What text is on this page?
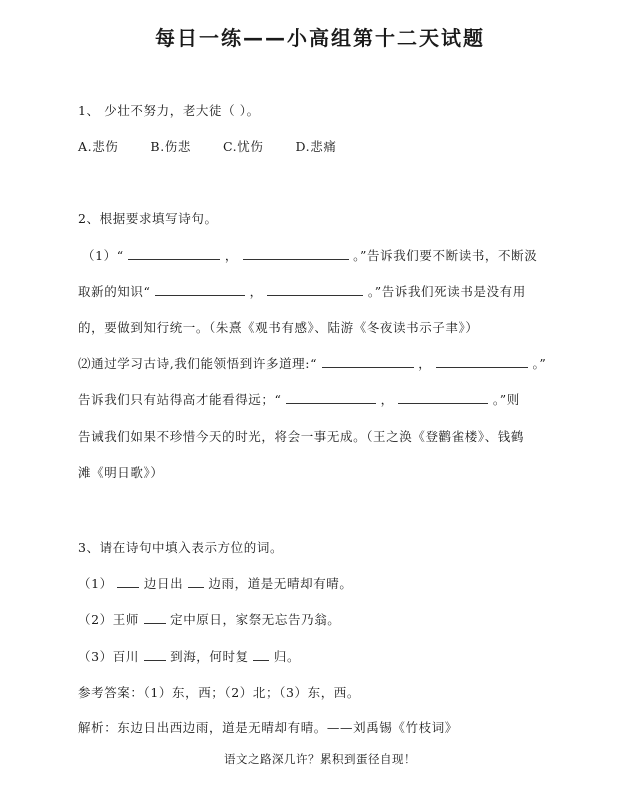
每日一练——小高组第十二天试题
1、 少壮不努力，老大徒（ ）。
A.悲伤	B.伤悲	C.忧伤	D.悲痛
2、根据要求填写诗句。
（1）“	，	。”告诉我们要不断读书，不断汲
取新的知识“	，	。”告诉我们死读书是没有用
的，要做到知行统一。（朱熹《观书有感》、陆游《冬夜读书示子聿》）
⑵通过学习古诗,我们能领悟到许多道理:“	，	。”
告诉我们只有站得高才能看得远；“	，	。”则
告诫我们如果不珍惜今天的时光，将会一事无成。（王之涣《登鹳雀楼》、钱鹤
滩《明日歌》）
3、请在诗句中填入表示方位的词。
（1） 边日出 边雨，道是无晴却有晴。
（2）王师 定中原日，家祭无忘告乃翁。
（3）百川 到海，何时复 归。
参考答案：（1）东，西；（2）北；（3）东，西。
解析：东边日出西边雨，道是无晴却有晴。——刘禹锡《竹枝词》
语文之路深几许？累积到蛋径自现！
